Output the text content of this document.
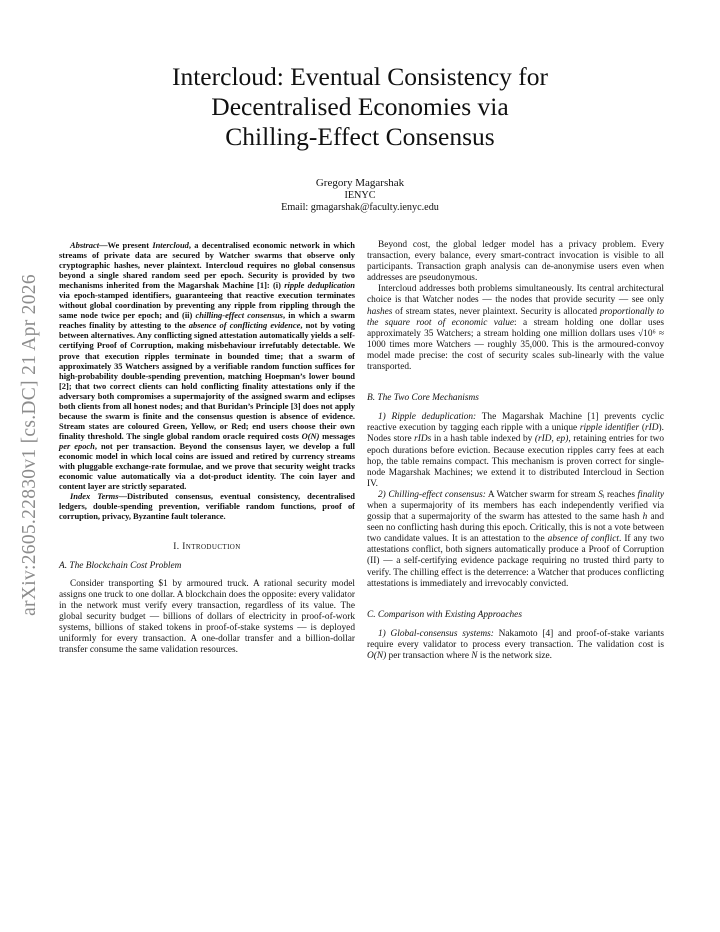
arXiv:2605.22830v1 [cs.DC] 21 Apr 2026
Intercloud: Eventual Consistency for
Decentralised Economies via
Chilling-Effect Consensus
Gregory Magarshak
IENYC
Email: gmagarshak@faculty.ienyc.edu

Abstract—We present Intercloud, a decentralised economic network in which streams of private data are secured by Watcher swarms that observe only cryptographic hashes, never plaintext. Intercloud requires no global consensus beyond a single shared random seed per epoch. Security is provided by two mechanisms inherited from the Magarshak Machine [1]: (i) ripple deduplication via epoch-stamped identifiers, guaranteeing that reactive execution terminates without global coordination by preventing any ripple from rippling through the same node twice per epoch; and (ii) chilling-effect consensus, in which a swarm reaches finality by attesting to the absence of conflicting evidence, not by voting between alternatives. Any conflicting signed attestation automatically yields a self-certifying Proof of Corruption, making misbehaviour irrefutably detectable. We prove that execution ripples terminate in bounded time; that a swarm of approximately 35 Watchers assigned by a verifiable random function suffices for high-probability double-spending prevention, matching Hoepman’s lower bound [2]; that two correct clients can hold conflicting finality attestations only if the adversary both compromises a supermajority of the assigned swarm and eclipses both clients from all honest nodes; and that Buridan’s Principle [3] does not apply because the swarm is finite and the consensus question is absence of evidence. Stream states are coloured Green, Yellow, or Red; end users choose their own finality threshold. The single global random oracle required costs O(N) messages per epoch, not per transaction. Beyond the consensus layer, we develop a full economic model in which local coins are issued and retired by currency streams with pluggable exchange-rate formulae, and we prove that security weight tracks economic value automatically via a dot-product identity. The coin layer and content layer are strictly separated.

Index Terms—Distributed consensus, eventual consistency, decentralised ledgers, double-spending prevention, verifiable random functions, proof of corruption, privacy, Byzantine fault tolerance.

I. Introduction
A. The Blockchain Cost Problem

Consider transporting $1 by armoured truck. A rational security model assigns one truck to one dollar. A blockchain does the opposite: every validator in the network must verify every transaction, regardless of its value. The global security budget — billions of dollars of electricity in proof-of-work systems, billions of staked tokens in proof-of-stake systems — is deployed uniformly for every transaction. A one-dollar transfer and a billion-dollar transfer consume the same validation resources.

Beyond cost, the global ledger model has a privacy problem. Every transaction, every balance, every smart-contract invocation is visible to all participants. Transaction graph analysis can de-anonymise users even when addresses are pseudonymous.

Intercloud addresses both problems simultaneously. Its central architectural choice is that Watcher nodes — the nodes that provide security — see only hashes of stream states, never plaintext. Security is allocated proportionally to the square root of economic value: a stream holding one dollar uses approximately 35 Watchers; a stream holding one million dollars uses √10⁶ ≈ 1000 times more Watchers — roughly 35,000. This is the armoured-convoy model made precise: the cost of security scales sub-linearly with the value transported.

B. The Two Core Mechanisms

1) Ripple deduplication: The Magarshak Machine [1] prevents cyclic reactive execution by tagging each ripple with a unique ripple identifier (rID). Nodes store rIDs in a hash table indexed by (rID, ep), retaining entries for two epoch durations before eviction. Because execution ripples carry fees at each hop, the table remains compact. This mechanism is proven correct for single-node Magarshak Machines; we extend it to distributed Intercloud in Section IV.

2) Chilling-effect consensus: A Watcher swarm for stream Sᵢ reaches finality when a supermajority of its members has each independently verified via gossip that a supermajority of the swarm has attested to the same hash h and seen no conflicting hash during this epoch. Critically, this is not a vote between two candidate values. It is an attestation to the absence of conflict. If any two attestations conflict, both signers automatically produce a Proof of Corruption (II) — a self-certifying evidence package requiring no trusted third party to verify. The chilling effect is the deterrence: a Watcher that produces conflicting attestations is immediately and irrevocably convicted.

C. Comparison with Existing Approaches

1) Global-consensus systems: Nakamoto [4] and proof-of-stake variants require every validator to process every transaction. The validation cost is O(N) per transaction where N is the network size.
